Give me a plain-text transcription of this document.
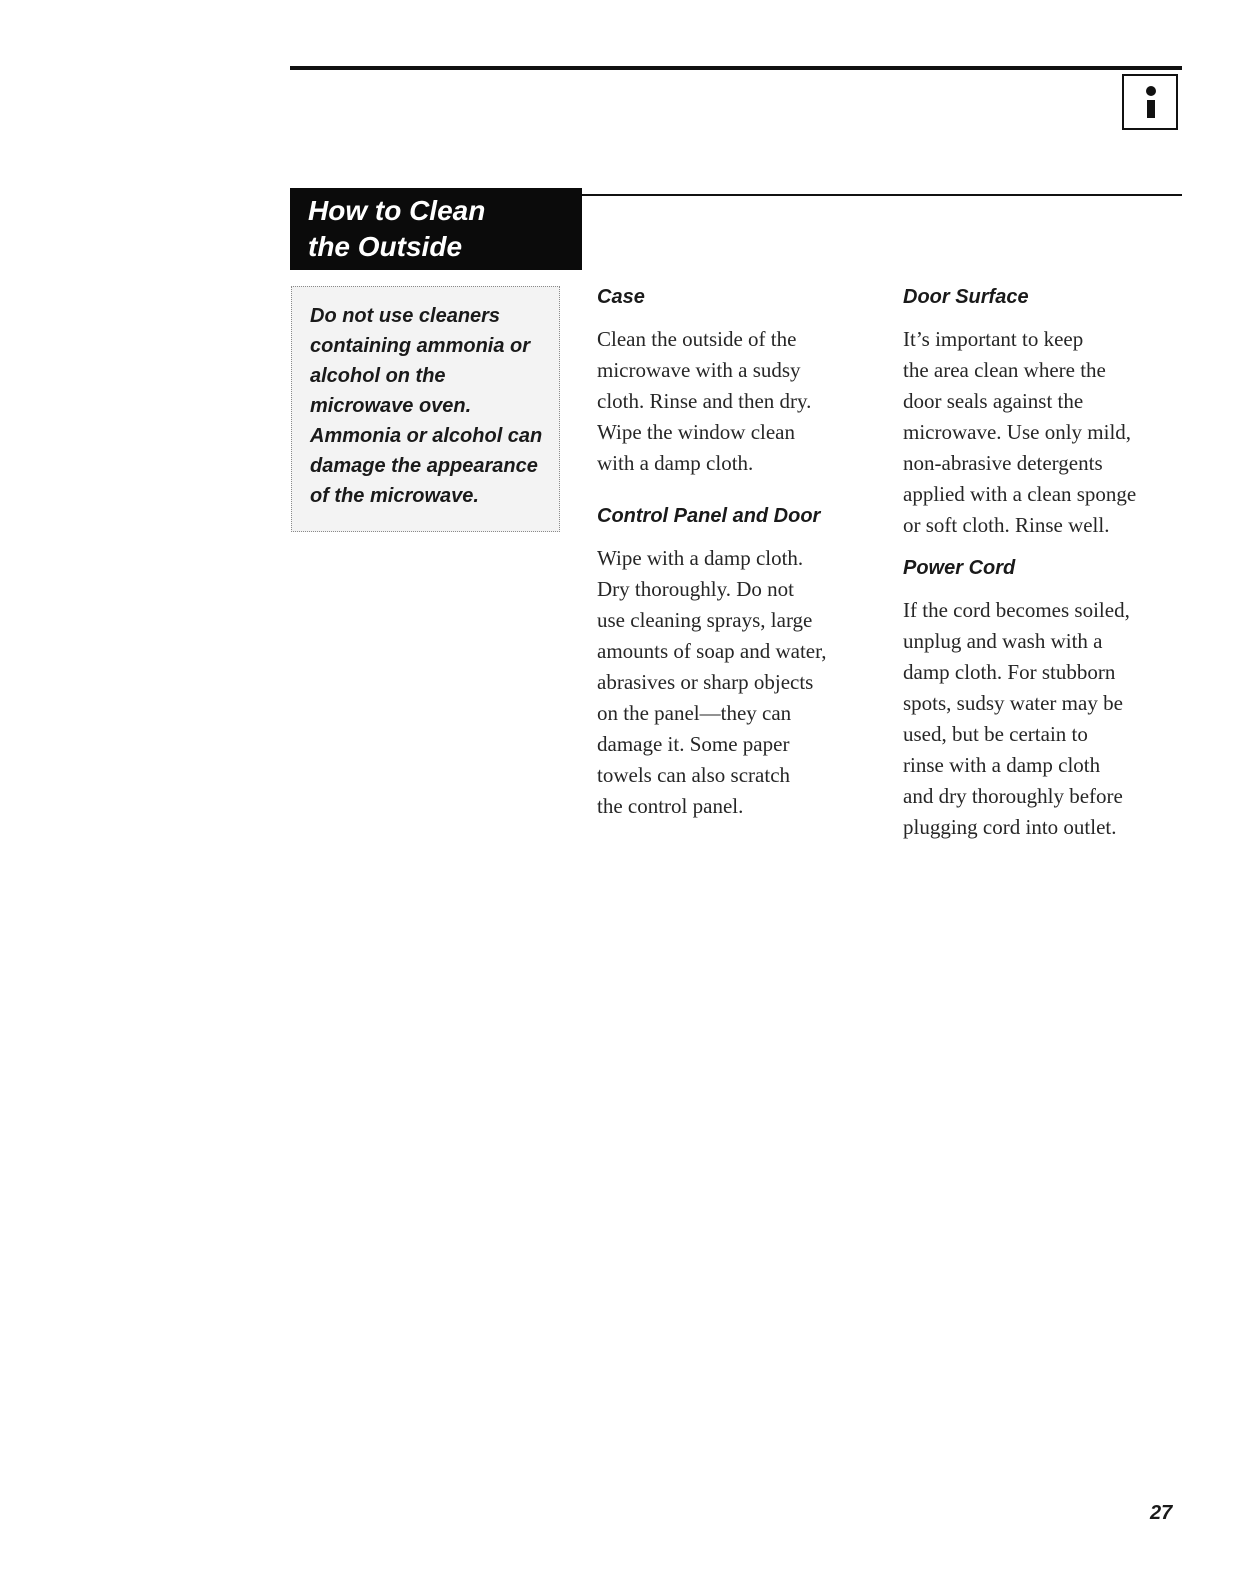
How to Clean
the Outside
Do not use cleaners
containing ammonia or
alcohol on the
microwave oven.
Ammonia or alcohol can
damage the appearance
of the microwave.
Case
Clean the outside of the
microwave with a sudsy
cloth. Rinse and then dry.
Wipe the window clean
with a damp cloth.
Control Panel and Door
Wipe with a damp cloth.
Dry thoroughly. Do not
use cleaning sprays, large
amounts of soap and water,
abrasives or sharp objects
on the panel—they can
damage it. Some paper
towels can also scratch
the control panel.
Door Surface
It’s important to keep
the area clean where the
door seals against the
microwave. Use only mild,
non-abrasive detergents
applied with a clean sponge
or soft cloth. Rinse well.
Power Cord
If the cord becomes soiled,
unplug and wash with a
damp cloth. For stubborn
spots, sudsy water may be
used, but be certain to
rinse with a damp cloth
and dry thoroughly before
plugging cord into outlet.
27
